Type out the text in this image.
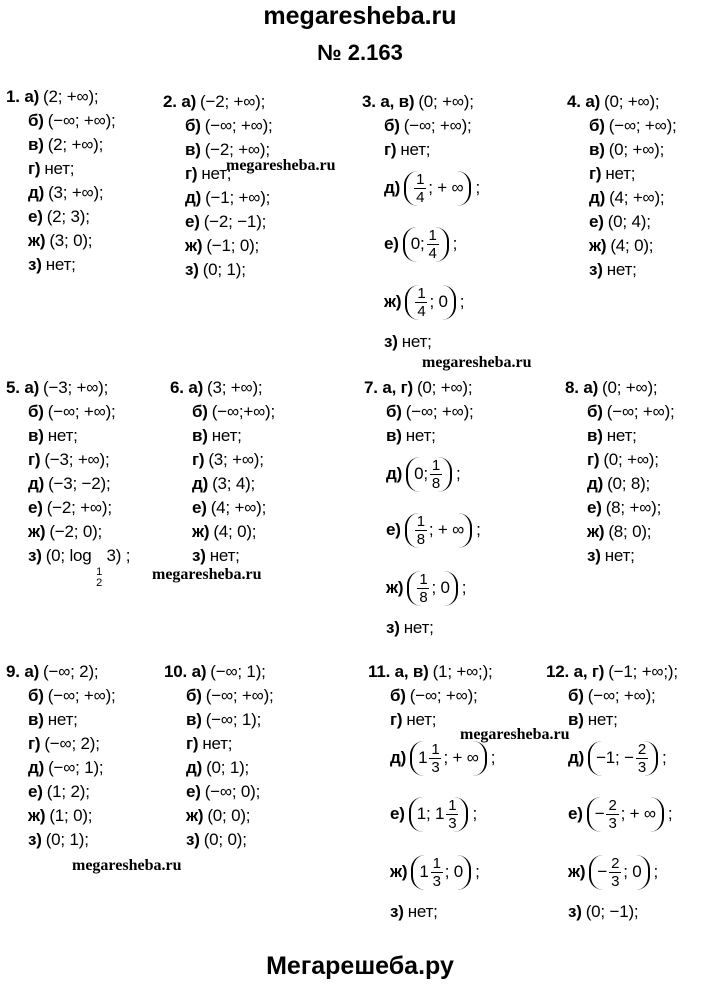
megaresheba.ru
№ 2.163
1. а) (2; +∞);
б) (−∞; +∞);
в) (2; +∞);
г) нет;
д) (3; +∞);
е) (2; 3);
ж) (3; 0);
з) нет;
2. а) (−2; +∞);
б) (−∞; +∞);
в) (−2; +∞);
г) нет;
д) (−1; +∞);
е) (−2; −1);
ж) (−1; 0);
з) (0; 1);
3. а, в) (0; +∞);
б) (−∞; +∞);
г) нет;
$д) \frac{1}{4}$ ; + ∞ ;
е) 0; $\frac{1}{4}$ ;
$ж) \frac{1}{4}$ ; 0 ;
з) нет;
4. а) (0; +∞);
б) (−∞; +∞);
в) (0; +∞);
г) нет;
д) (4; +∞);
е) (0; 4);
ж) (4; 0);
з) нет;
5. а) (−3; +∞);
б) (−∞; +∞);
в) нет;
г) (−3; +∞);
д) (−3; −2);
е) (−2; +∞);
ж) (−2; 0);
з) (0; log
1
2
3) ;
6. а) (3; +∞);
б) (−∞;+∞);
в) нет;
г) (3; +∞);
д) (3; 4);
е) (4; +∞);
ж) (4; 0);
з) нет;
7. а, г) (0; +∞);
б) (−∞; +∞);
в) нет;
д) 0; $\frac{1}{8}$ ;
$е) \frac{1}{8}$ ; + ∞ ;
$ж) \frac{1}{8}$ ; 0 ;
з) нет;
8. а) (0; +∞);
б) (−∞; +∞);
в) нет;
г) (0; +∞);
д) (0; 8);
е) (8; +∞);
ж) (8; 0);
з) нет;
9. а) (−∞; 2);
б) (−∞; +∞);
в) нет;
г) (−∞; 2);
д) (−∞; 1);
е) (1; 2);
ж) (1; 0);
з) (0; 1);
10. а) (−∞; 1);
б) (−∞; +∞);
в) (−∞; 1);
г) нет;
д) (0; 1);
е) (−∞; 0);
ж) (0; 0);
з) (0; 0);
11. а, в) (1; +∞;);
б) (−∞; +∞);
г) нет;
д) $1 \frac{1}{3}$ ; + ∞ ;
е) 1; $1 \frac{1}{3}$ ;
ж) $1 \frac{1}{3}$ ; 0 ;
з) нет;
12. а, г) (−1; +∞;);
б) (−∞; +∞);
в) нет;
д) −1; − $\frac{2}{3}$ ;
$е) - \frac{2}{3}$ ; + ∞ ;
$ж) - \frac{2}{3}$ ; 0 ;
з) (0; −1);
megaresheba.ru
megaresheba.ru
megaresheba.ru
megaresheba.ru
megaresheba.ru
Мегарешеба.ру
